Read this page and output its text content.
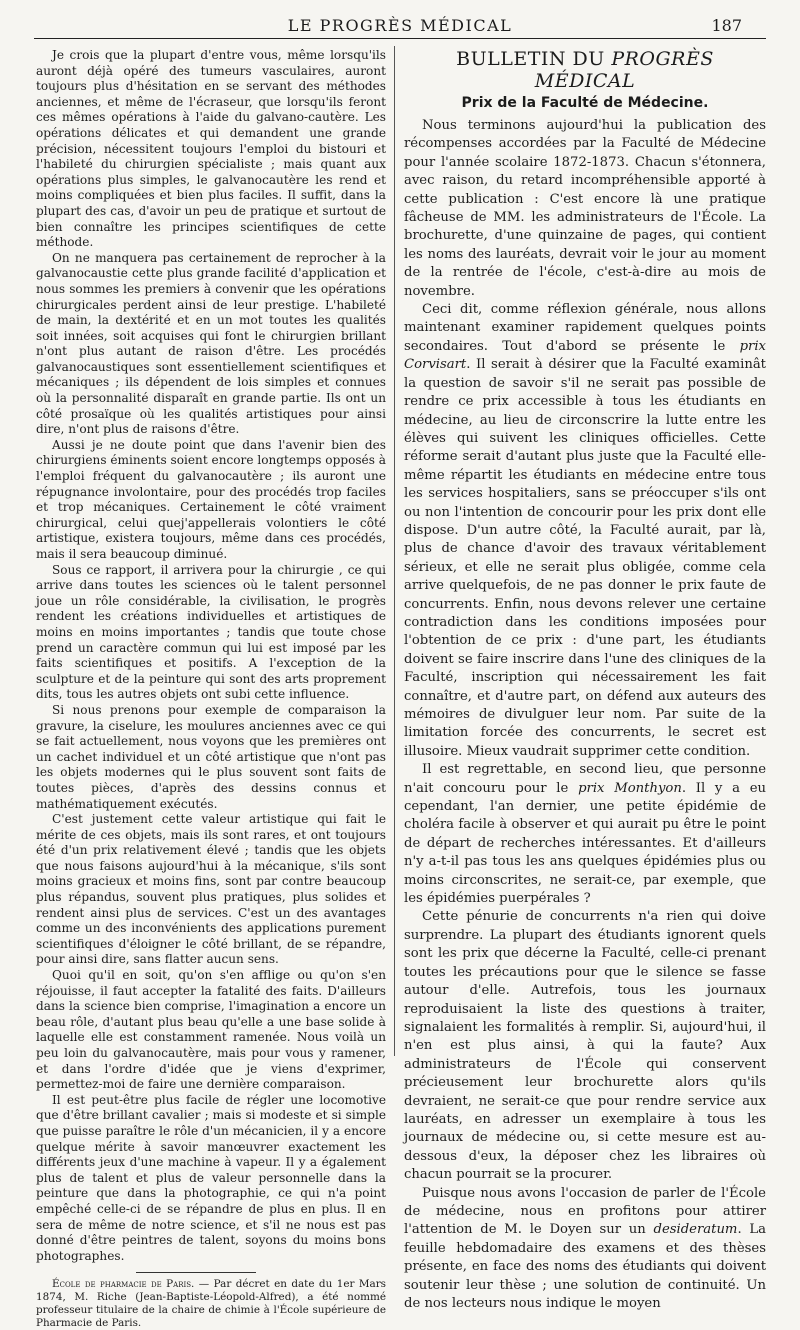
LE PROGRÈS MÉDICAL	187

Je crois que la plupart d'entre vous, même lorsqu'ils auront déjà opéré des tumeurs vasculaires, auront toujours plus d'hésitation en se servant des méthodes anciennes, et même de l'écraseur, que lorsqu'ils feront ces mêmes opérations à l'aide du galvano-cautère. Les opérations délicates et qui demandent une grande précision, nécessitent toujours l'emploi du bistouri et l'habileté du chirurgien spécialiste ; mais quant aux opérations plus simples, le galvanocautère les rend et moins compliquées et bien plus faciles. Il suffit, dans la plupart des cas, d'avoir un peu de pratique et surtout de bien connaître les principes scientifiques de cette méthode.

On ne manquera pas certainement de reprocher à la galvanocaustie cette plus grande facilité d'application et nous sommes les premiers à convenir que les opérations chirurgicales perdent ainsi de leur prestige. L'habileté de main, la dextérité et en un mot toutes les qualités soit innées, soit acquises qui font le chirurgien brillant n'ont plus autant de raison d'être. Les procédés galvanocaustiques sont essentiellement scientifiques et mécaniques ; ils dépendent de lois simples et connues où la personnalité disparaît en grande partie. Ils ont un côté prosaïque où les qualités artistiques pour ainsi dire, n'ont plus de raisons d'être.

Aussi je ne doute point que dans l'avenir bien des chirurgiens éminents soient encore longtemps opposés à l'emploi fréquent du galvanocautère ; ils auront une répugnance involontaire, pour des procédés trop faciles et trop mécaniques. Certainement le côté vraiment chirurgical, celui quej'appellerais volontiers le côté artistique, existera toujours, même dans ces procédés, mais il sera beaucoup diminué.

Sous ce rapport, il arrivera pour la chirurgie , ce qui arrive dans toutes les sciences où le talent personnel joue un rôle considérable, la civilisation, le progrès rendent les créations individuelles et artistiques de moins en moins importantes ; tandis que toute chose prend un caractère commun qui lui est imposé par les faits scientifiques et positifs. A l'exception de la sculpture et de la peinture qui sont des arts proprement dits, tous les autres objets ont subi cette influence.

Si nous prenons pour exemple de comparaison la gravure, la ciselure, les moulures anciennes avec ce qui se fait actuellement, nous voyons que les premières ont un cachet individuel et un côté artistique que n'ont pas les objets modernes qui le plus souvent sont faits de toutes pièces, d'après des dessins connus et mathématiquement exécutés.

C'est justement cette valeur artistique qui fait le mérite de ces objets, mais ils sont rares, et ont toujours été d'un prix relativement élevé ; tandis que les objets que nous faisons aujourd'hui à la mécanique, s'ils sont moins gracieux et moins fins, sont par contre beaucoup plus répandus, souvent plus pratiques, plus solides et rendent ainsi plus de services. C'est un des avantages comme un des inconvénients des applications purement scientifiques d'éloigner le côté brillant, de se répandre, pour ainsi dire, sans flatter aucun sens.

Quoi qu'il en soit, qu'on s'en afflige ou qu'on s'en réjouisse, il faut accepter la fatalité des faits. D'ailleurs dans la science bien comprise, l'imagination a encore un beau rôle, d'autant plus beau qu'elle a une base solide à laquelle elle est constamment ramenée. Nous voilà un peu loin du galvanocautère, mais pour vous y ramener, et dans l'ordre d'idée que je viens d'exprimer, permettez-moi de faire une dernière comparaison.

Il est peut-être plus facile de régler une locomotive que d'être brillant cavalier ; mais si modeste et si simple que puisse paraître le rôle d'un mécanicien, il y a encore quelque mérite à savoir manœuvrer exactement les différents jeux d'une machine à vapeur. Il y a également plus de talent et plus de valeur personnelle dans la peinture que dans la photographie, ce qui n'a point empêché celle-ci de se répandre de plus en plus. Il en sera de même de notre science, et s'il ne nous est pas donné d'être peintres de talent, soyons du moins bons photographes.

École de pharmacie de Paris. — Par décret en date du 1er Mars 1874, M. Riche (Jean-Baptiste-Léopold-Alfred), a été nommé professeur titulaire de la chaire de chimie à l'École supérieure de Pharmacie de Paris.

BULLETIN DU PROGRÈS MÉDICAL
Prix de la Faculté de Médecine.

Nous terminons aujourd'hui la publication des récompenses accordées par la Faculté de Médecine pour l'année scolaire 1872-1873. Chacun s'étonnera, avec raison, du retard incompréhensible apporté à cette publication : C'est encore là une pratique fâcheuse de MM. les administrateurs de l'École. La brochurette, d'une quinzaine de pages, qui contient les noms des lauréats, devrait voir le jour au moment de la rentrée de l'école, c'est-à-dire au mois de novembre.

Ceci dit, comme réflexion générale, nous allons maintenant examiner rapidement quelques points secondaires. Tout d'abord se présente le prix Corvisart. Il serait à désirer que la Faculté examinât la question de savoir s'il ne serait pas possible de rendre ce prix accessible à tous les étudiants en médecine, au lieu de circonscrire la lutte entre les élèves qui suivent les cliniques officielles. Cette réforme serait d'autant plus juste que la Faculté elle-même répartit les étudiants en médecine entre tous les services hospitaliers, sans se préoccuper s'ils ont ou non l'intention de concourir pour les prix dont elle dispose. D'un autre côté, la Faculté aurait, par là, plus de chance d'avoir des travaux véritablement sérieux, et elle ne serait plus obligée, comme cela arrive quelquefois, de ne pas donner le prix faute de concurrents. Enfin, nous devons relever une certaine contradiction dans les conditions imposées pour l'obtention de ce prix : d'une part, les étudiants doivent se faire inscrire dans l'une des cliniques de la Faculté, inscription qui nécessairement les fait connaître, et d'autre part, on défend aux auteurs des mémoires de divulguer leur nom. Par suite de la limitation forcée des concurrents, le secret est illusoire. Mieux vaudrait supprimer cette condition.

Il est regrettable, en second lieu, que personne n'ait concouru pour le prix Monthyon. Il y a eu cependant, l'an dernier, une petite épidémie de choléra facile à observer et qui aurait pu être le point de départ de recherches intéressantes. Et d'ailleurs n'y a-t-il pas tous les ans quelques épidémies plus ou moins circonscrites, ne serait-ce, par exemple, que les épidémies puerpérales ?

Cette pénurie de concurrents n'a rien qui doive surprendre. La plupart des étudiants ignorent quels sont les prix que décerne la Faculté, celle-ci prenant toutes les précautions pour que le silence se fasse autour d'elle. Autrefois, tous les journaux reproduisaient la liste des questions à traiter, signalaient les formalités à remplir. Si, aujourd'hui, il n'en est plus ainsi, à qui la faute? Aux administrateurs de l'École qui conservent précieusement leur brochurette alors qu'ils devraient, ne serait-ce que pour rendre service aux lauréats, en adresser un exemplaire à tous les journaux de médecine ou, si cette mesure est au-dessous d'eux, la déposer chez les libraires où chacun pourrait se la procurer.

Puisque nous avons l'occasion de parler de l'École de médecine, nous en profitons pour attirer l'attention de M. le Doyen sur un desideratum. La feuille hebdomadaire des examens et des thèses présente, en face des noms des étudiants qui doivent soutenir leur thèse ; une solution de continuité. Un de nos lecteurs nous indique le moyen
